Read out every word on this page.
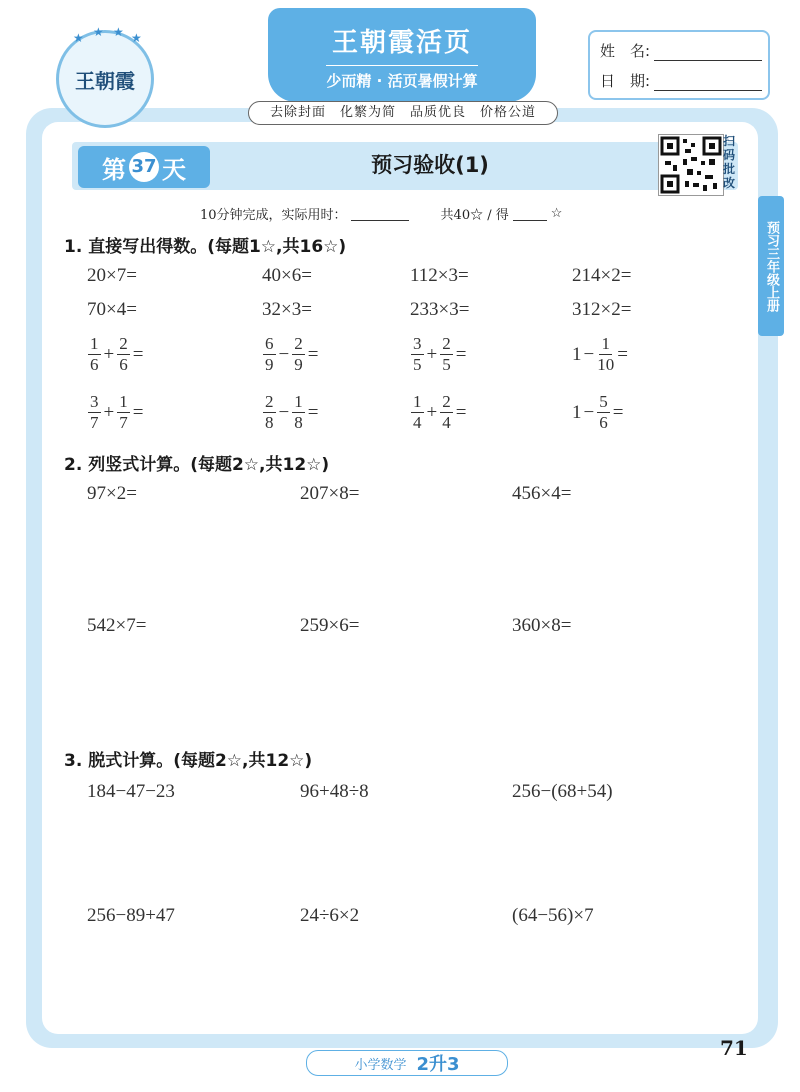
★ ★ ★ ★
王朝霞
王朝霞活页
少而精 · 活页暑假计算
姓　名:
日　期:
去除封面　化繁为简　品质优良　价格公道
预习三年级上册
第 37 天	预习验收(1)
扫码批改
10分钟完成，实际用时：	共40☆ / 得	☆
1. 直接写出得数。(每题1☆,共16☆)
20×7=	40×6=	112×3=	214×2=
70×4=	32×3=	233×3=	312×2=
$\frac{1}{6} + \frac{2}{6}$ =	$\frac{6}{9} - \frac{2}{9}$ =	$\frac{3}{5} + \frac{2}{5}$ =	$1 - \frac{1}{10}$ =
$\frac{3}{7} + \frac{1}{7}$ =	$\frac{2}{8} - \frac{1}{8}$ =	$\frac{1}{4} + \frac{2}{4}$ =	$1 - \frac{5}{6}$ =
2. 列竖式计算。(每题2☆,共12☆)
97×2=	207×8=	456×4=
542×7=	259×6=	360×8=
3. 脱式计算。(每题2☆,共12☆)
184−47−23	96+48÷8	256−(68+54)
256−89+47	24÷6×2	(64−56)×7
小学数学 2升3
71
